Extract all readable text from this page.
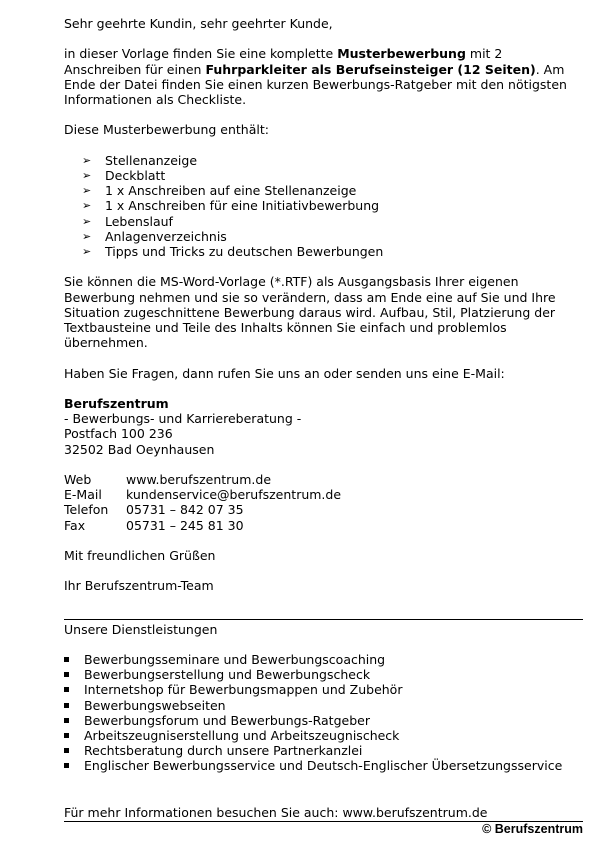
Sehr geehrte Kundin, sehr geehrter Kunde,

in dieser Vorlage finden Sie eine komplette Musterbewerbung mit 2

Anschreiben für einen Fuhrparkleiter als Berufseinsteiger (12 Seiten). Am

Ende der Datei finden Sie einen kurzen Bewerbungs-Ratgeber mit den nötigsten

Informationen als Checkliste.

Diese Musterbewerbung enthält:

➢ Stellenanzeige
➢ Deckblatt
➢ 1 x Anschreiben auf eine Stellenanzeige
➢ 1 x Anschreiben für eine Initiativbewerbung
➢ Lebenslauf
➢ Anlagenverzeichnis
➢ Tipps und Tricks zu deutschen Bewerbungen

Sie können die MS-Word-Vorlage (*.RTF) als Ausgangsbasis Ihrer eigenen

Bewerbung nehmen und sie so verändern, dass am Ende eine auf Sie und Ihre

Situation zugeschnittene Bewerbung daraus wird. Aufbau, Stil, Platzierung der

Textbausteine und Teile des Inhalts können Sie einfach und problemlos

übernehmen.

Haben Sie Fragen, dann rufen Sie uns an oder senden uns eine E-Mail:

Berufszentrum

- Bewerbungs- und Karriereberatung -

Postfach 100 236

32502 Bad Oeynhausen

Web	www.berufszentrum.de
E-Mail	kundenservice@berufszentrum.de
Telefon	05731 – 842 07 35
Fax	05731 – 245 81 30

Mit freundlichen Grüßen

Ihr Berufszentrum-Team

Unsere Dienstleistungen

Bewerbungsseminare und Bewerbungscoaching
Bewerbungserstellung und Bewerbungscheck
Internetshop für Bewerbungsmappen und Zubehör
Bewerbungswebseiten
Bewerbungsforum und Bewerbungs-Ratgeber
Arbeitszeugniserstellung und Arbeitszeugnischeck
Rechtsberatung durch unsere Partnerkanzlei
Englischer Bewerbungsservice und Deutsch-Englischer Übersetzungsservice

Für mehr Informationen besuchen Sie auch: www.berufszentrum.de

© Berufszentrum
